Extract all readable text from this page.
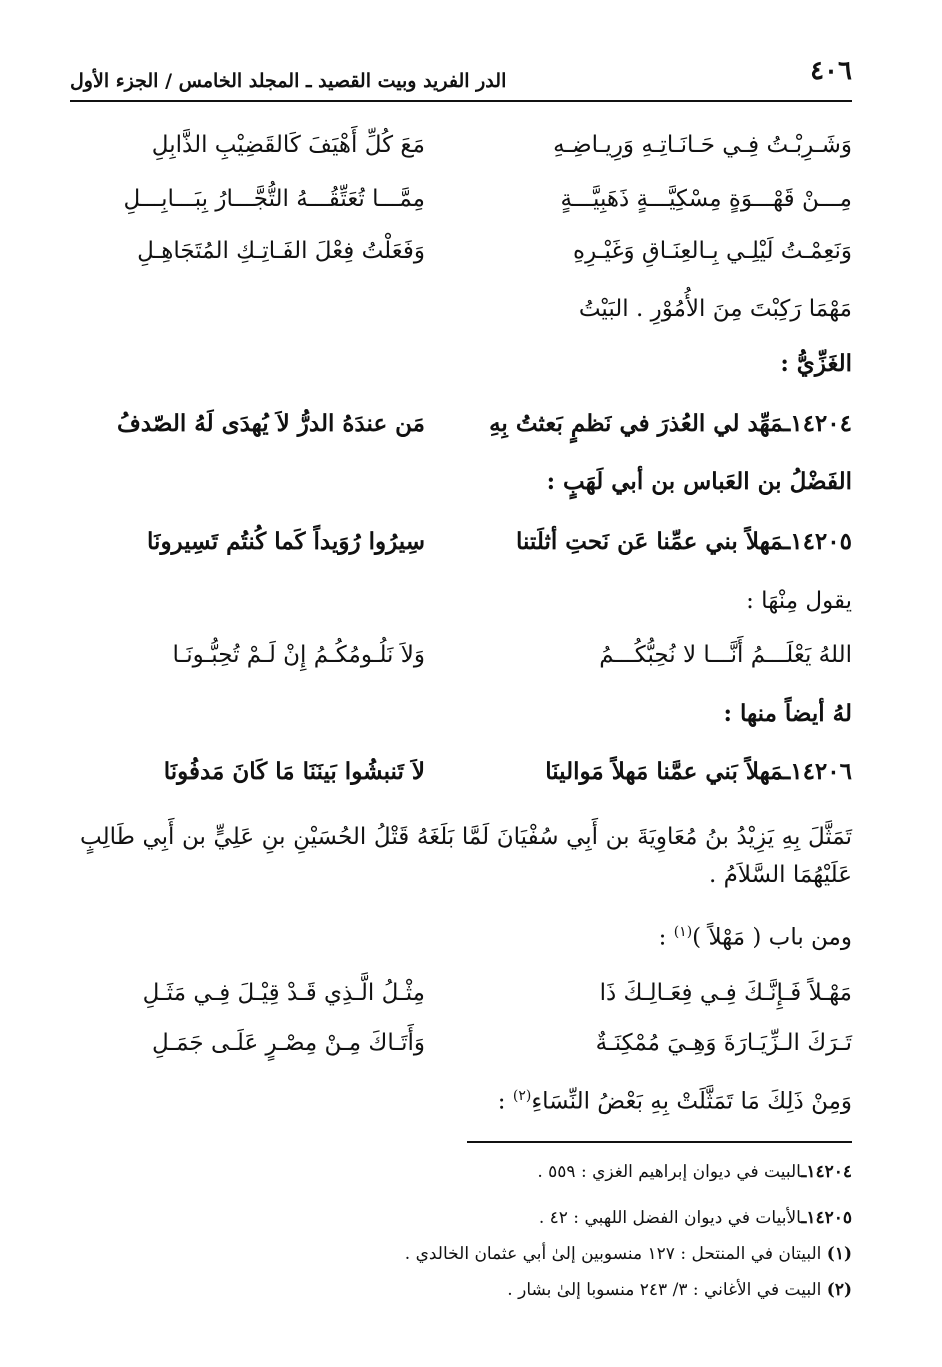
٤٠٦
الدر الفريد وبيت القصيد ـ المجلد الخامس / الجزء الأول
وَشَـرِبْـتُ فِـي حَـانَـاتِـهِ وَرِيـاضِـهِ
مَعَ كُلِّ أَهْيَفَ كَالقَضِيْبِ الذَّابِلِ
مِـــنْ قَهْـــوَةٍ مِسْكِيَّـــةٍ ذَهَبِيَّـــةٍ
مِمَّـــا تُعَتِّقُـــهُ التُّجَّـــارُ بِبَـــابِـــلِ
وَنَعِمْـتُ لَيْلِـي بِـالعِنَـاقِ وَغَيْـرِهِ
وَفَعَلْتُ فِعْلَ الفَـاتِـكِ المُتَجَاهِـلِ
مَهْمَا رَكِبْتَ مِنَ الأُمُوْرِ . البَيْتُ
الغَزِّيُّ :
١٤٢٠٤ـمَهِّد لي العُذرَ في نَظمٍ بَعثتُ بِهِ
مَن عندَهُ الدرُّ لاَ يُهدَى لَهُ الصّدفُ
الفَضْلُ بن العَباس بن أبي لَهَبٍ :
١٤٢٠٥ـمَهلاً بني عمِّنا عَن نَحتِ أثلَتنا
سِيرُوا رُوَيداً كَما كُنتُم تَسِيرونَا
يقول مِنْهَا :
اللهُ يَعْلَـــمُ أَنَّـــا لا نُحِبُّكُـــمُ
وَلاَ نَلُـومُكُـمُ إِنْ لَـمْ تُحِبُّـونَـا
لهُ أيضاً منها :
١٤٢٠٦ـمَهلاً بَني عمَّنا مَهلاً مَوالينَا
لاَ تَنبشُوا بَينَنَا مَا كَانَ مَدفُونَا
تَمَثَّلَ بِهِ يَزِيْدُ بنُ مُعَاوِيَةَ بن أَبِي سُفْيَانَ لَمَّا بَلَغَهُ قَتْلُ الحُسَيْنِ بنِ عَلِيٍّ بن أَبِي طَالِبٍ عَلَيْهُمَا السَّلاَمُ .
ومن باب ( مَهْلاً )$^{(١)}$ :
مَهْـلاً فَـإِنَّـكَ فِـي فِعَـالِـكَ ذَا
مِثْـلُ الَّـذِي قَـدْ قِيْـلَ فِـي مَثَـلِ
تَـرَكَ الـزِّيَـارَةَ وَهِـيَ مُمْكِنَـةٌ
وَأَتَـاكَ مِـنْ مِصْـرٍ عَلَـى جَمَـلِ
وَمِنْ ذَلِكَ مَا تَمَثَّلَتْ بِهِ بَعْضُ النِّسَاءِ$^{(٢)}$ :
١٤٢٠٤ـالبيت في ديوان إبراهيم الغزي : ٥٥٩ .
١٤٢٠٥ـالأبيات في ديوان الفضل اللهبي : ٤٢ .
(١) البيتان في المنتحل : ١٢٧ منسوبين إلىٰ أبي عثمان الخالدي .
(٢) البيت في الأغاني : ٣/ ٢٤٣ منسوبا إلىٰ بشار .
